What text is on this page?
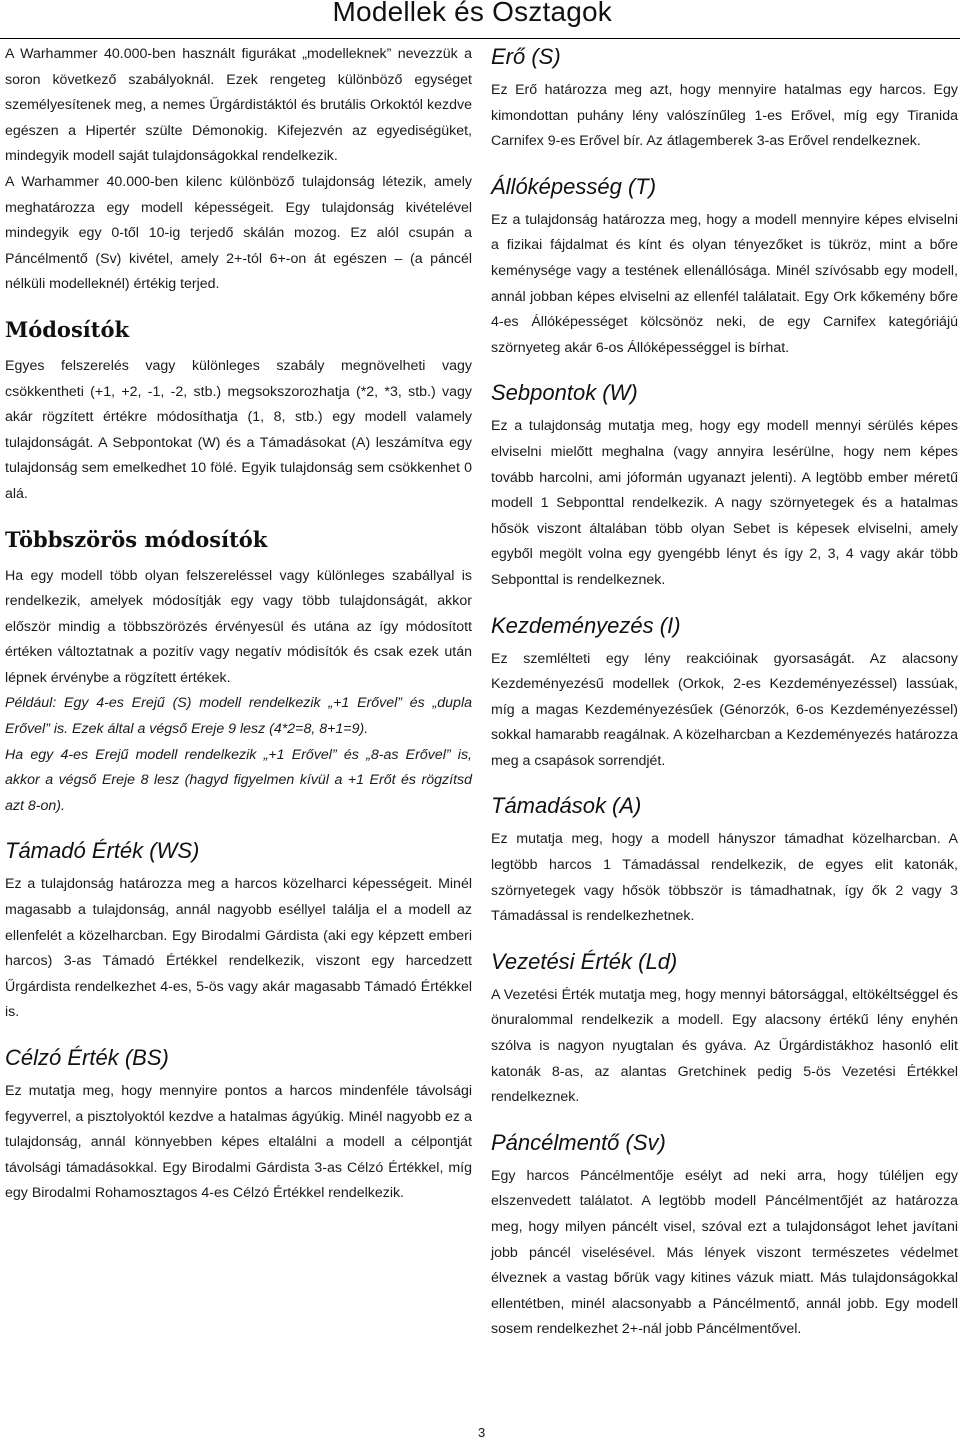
Modellek és Osztagok

A Warhammer 40.000-ben használt figurákat „modelleknek” nevezzük a soron következő szabályoknál. Ezek rengeteg különböző egységet személyesítenek meg, a nemes Űrgárdistáktól és brutális Orkoktól kezdve egészen a Hipertér szülte Démonokig. Kifejezvén az egyediségüket, mindegyik modell saját tulajdonságokkal rendelkezik.

A Warhammer 40.000-ben kilenc különböző tulajdonság létezik, amely meghatározza egy modell képességeit. Egy tulajdonság kivételével mindegyik egy 0-től 10-ig terjedő skálán mozog. Ez alól csupán a Páncélmentő (Sv) kivétel, amely 2+-tól 6+-on át egészen – (a páncél nélküli modelleknél) értékig terjed.

Módosítók

Egyes felszerelés vagy különleges szabály megnövelheti vagy csökkentheti (+1, +2, -1, -2, stb.) megsokszorozhatja (*2, *3, stb.) vagy akár rögzített értékre módosíthatja (1, 8, stb.) egy modell valamely tulajdonságát. A Sebpontokat (W) és a Támadásokat (A) leszámítva egy tulajdonság sem emelkedhet 10 fölé. Egyik tulajdonság sem csökkenhet 0 alá.

Többszörös módosítók

Ha egy modell több olyan felszereléssel vagy különleges szabállyal is rendelkezik, amelyek módosítják egy vagy több tulajdonságát, akkor először mindig a többszörözés érvényesül és utána az így módosított értéken változtatnak a pozitív vagy negatív módisítók és csak ezek után lépnek érvénybe a rögzített értékek.

Például: Egy 4-es Erejű (S) modell rendelkezik „+1 Erővel” és „dupla Erővel” is. Ezek által a végső Ereje 9 lesz (4*2=8, 8+1=9).

Ha egy 4-es Erejű modell rendelkezik „+1 Erővel” és „8-as Erővel” is, akkor a végső Ereje 8 lesz (hagyd figyelmen kívül a +1 Erőt és rögzítsd azt 8-on).

Támadó Érték (WS)

Ez a tulajdonság határozza meg a harcos közelharci képességeit. Minél magasabb a tulajdonság, annál nagyobb eséllyel találja el a modell az ellenfelét a közelharcban. Egy Birodalmi Gárdista (aki egy képzett emberi harcos) 3-as Támadó Értékkel rendelkezik, viszont egy harcedzett Űrgárdista rendelkezhet 4-es, 5-ös vagy akár magasabb Támadó Értékkel is.

Célzó Érték (BS)

Ez mutatja meg, hogy mennyire pontos a harcos mindenféle távolsági fegyverrel, a pisztolyoktól kezdve a hatalmas ágyúkig. Minél nagyobb ez a tulajdonság, annál könnyebben képes eltalálni a modell a célpontját távolsági támadásokkal. Egy Birodalmi Gárdista 3-as Célzó Értékkel, míg egy Birodalmi Rohamosztagos 4-es Célzó Értékkel rendelkezik.

Erő (S)

Ez Erő határozza meg azt, hogy mennyire hatalmas egy harcos. Egy kimondottan puhány lény valószínűleg 1-es Erővel, míg egy Tiranida Carnifex 9-es Erővel bír. Az átlagemberek 3-as Erővel rendelkeznek.

Állóképesség (T)

Ez a tulajdonság határozza meg, hogy a modell mennyire képes elviselni a fizikai fájdalmat és kínt és olyan tényezőket is tükröz, mint a bőre keménysége vagy a testének ellenállósága. Minél szívósabb egy modell, annál jobban képes elviselni az ellenfél találatait. Egy Ork kőkemény bőre 4-es Állóképességet kölcsönöz neki, de egy Carnifex kategóriájú szörnyeteg akár 6-os Állóképességgel is bírhat.

Sebpontok (W)

Ez a tulajdonság mutatja meg, hogy egy modell mennyi sérülés képes elviselni mielőtt meghalna (vagy annyira lesérülne, hogy nem képes tovább harcolni, ami jóformán ugyanazt jelenti). A legtöbb ember méretű modell 1 Sebponttal rendelkezik. A nagy szörnyetegek és a hatalmas hősök viszont általában több olyan Sebet is képesek elviselni, amely egyből megölt volna egy gyengébb lényt és így 2, 3, 4 vagy akár több Sebponttal is rendelkeznek.

Kezdeményezés (I)

Ez szemlélteti egy lény reakcióinak gyorsaságát. Az alacsony Kezdeményezésű modellek (Orkok, 2-es Kezdeményezéssel) lassúak, míg a magas Kezdeményezésűek (Génorzók, 6-os Kezdeményezéssel) sokkal hamarabb reagálnak. A közelharcban a Kezdeményezés határozza meg a csapások sorrendjét.

Támadások (A)

Ez mutatja meg, hogy a modell hányszor támadhat közelharcban. A legtöbb harcos 1 Támadással rendelkezik, de egyes elit katonák, szörnyetegek vagy hősök többször is támadhatnak, így ők 2 vagy 3 Támadással is rendelkezhetnek.

Vezetési Érték (Ld)

A Vezetési Érték mutatja meg, hogy mennyi bátorsággal, eltökéltséggel és önuralommal rendelkezik a modell. Egy alacsony értékű lény enyhén szólva is nagyon nyugtalan és gyáva. Az Űrgárdistákhoz hasonló elit katonák 8-as, az alantas Gretchinek pedig 5-ös Vezetési Értékkel rendelkeznek.

Páncélmentő (Sv)

Egy harcos Páncélmentője esélyt ad neki arra, hogy túléljen egy elszenvedett találatot. A legtöbb modell Páncélmentőjét az határozza meg, hogy milyen páncélt visel, szóval ezt a tulajdonságot lehet javítani jobb páncél viselésével. Más lények viszont természetes védelmet élveznek a vastag bőrük vagy kitines vázuk miatt. Más tulajdonságokkal ellentétben, minél alacsonyabb a Páncélmentő, annál jobb. Egy modell sosem rendelkezhet 2+-nál jobb Páncélmentővel.

3
